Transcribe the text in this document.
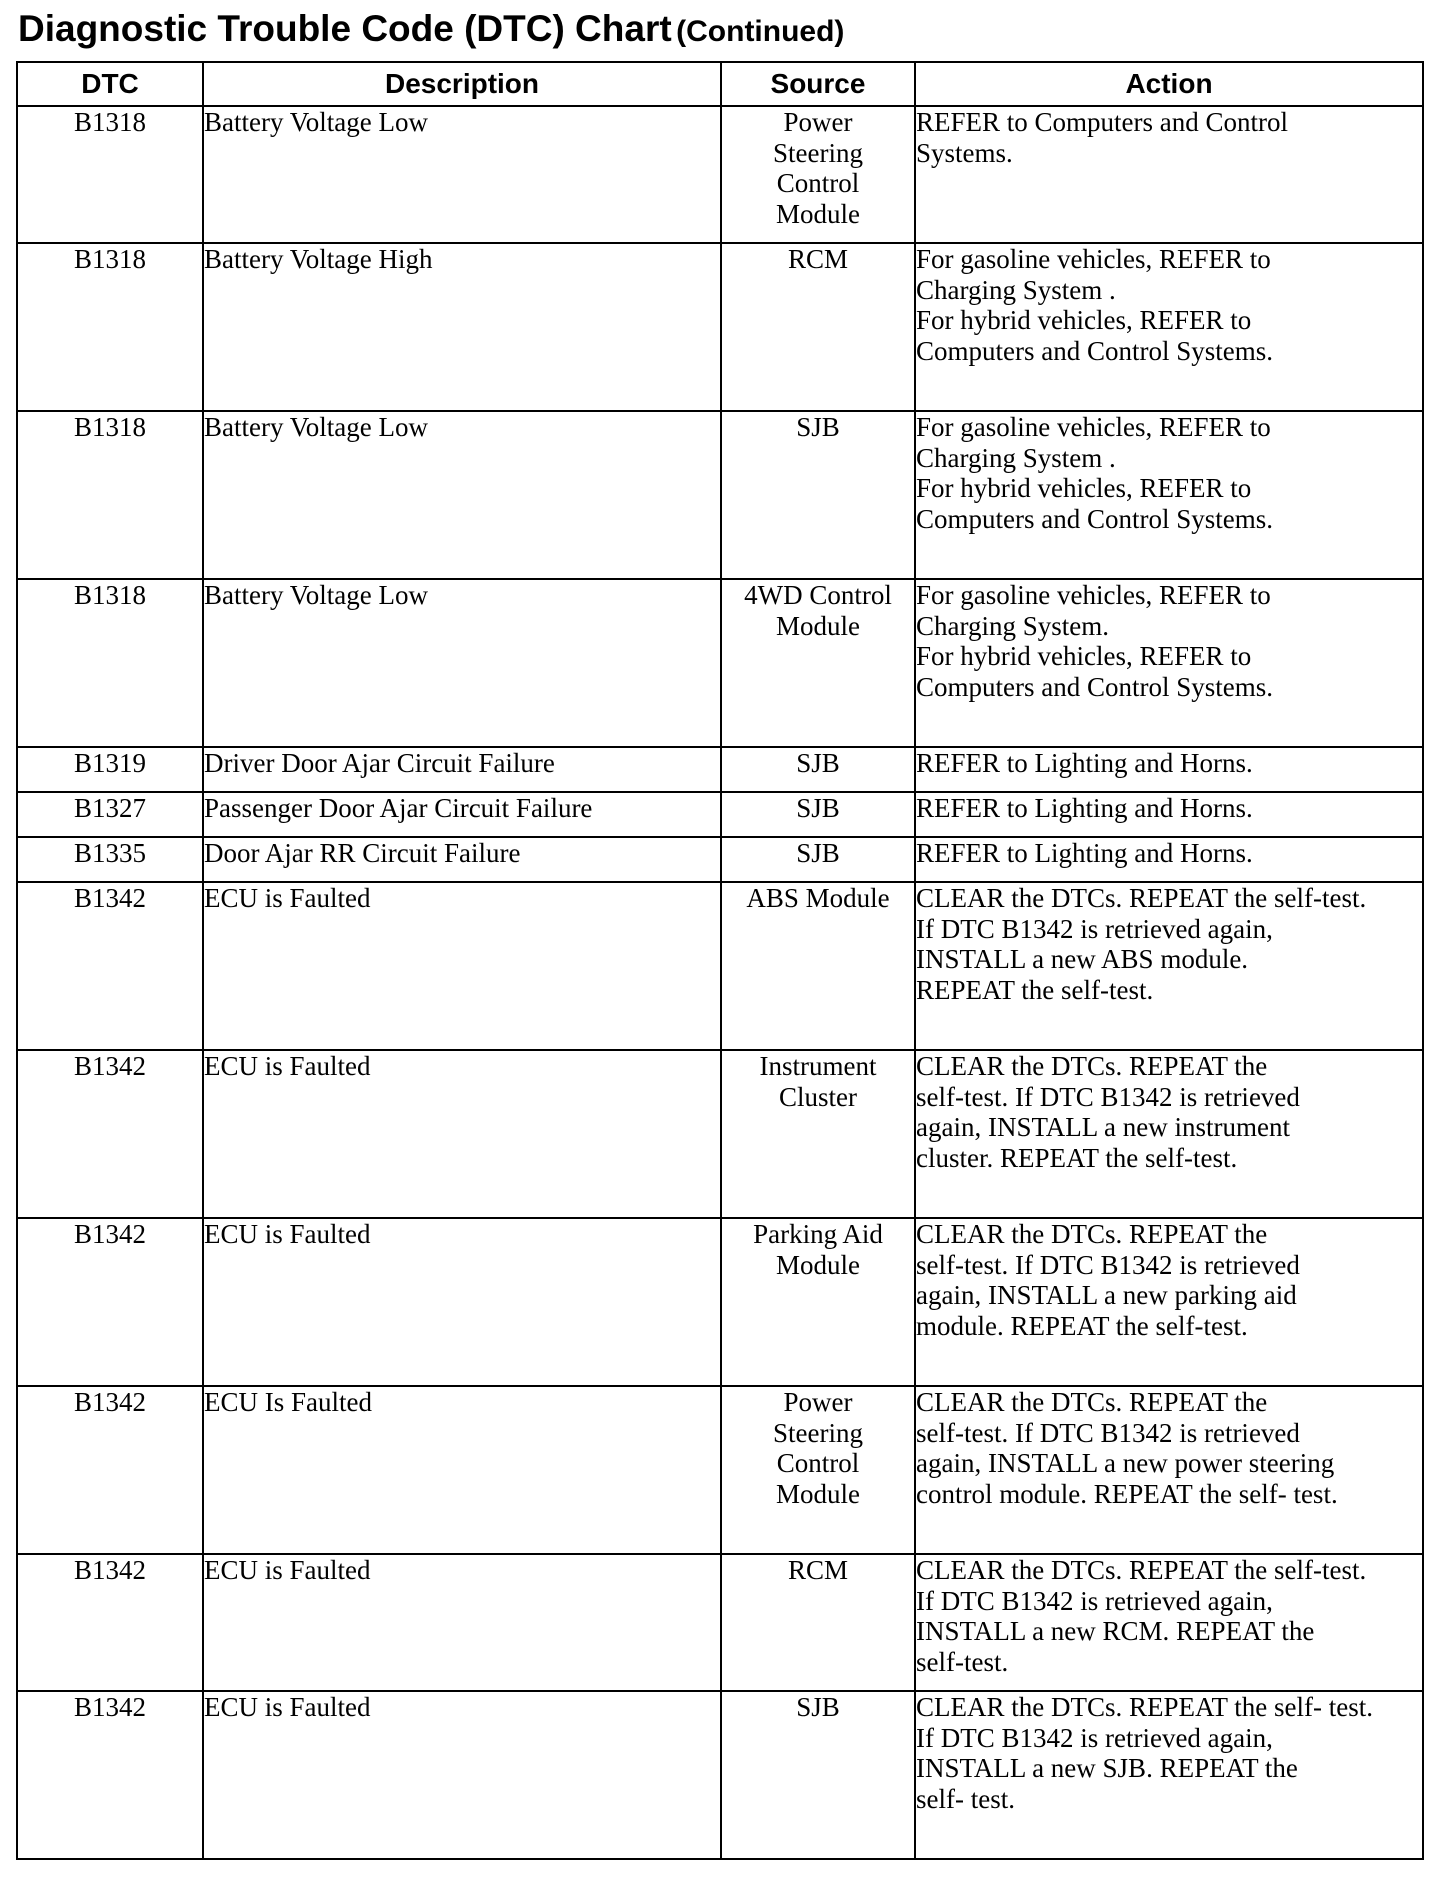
Diagnostic Trouble Code (DTC) Chart (Continued)
DTC	Description	Source	Action
B1318	Battery Voltage Low	Power
Steering
Control
Module	REFER to Computers and Control
Systems.

B1318	Battery Voltage High	RCM	For gasoline vehicles, REFER to
Charging System .
For hybrid vehicles, REFER to
Computers and Control Systems.

B1318	Battery Voltage Low	SJB	For gasoline vehicles, REFER to
Charging System .
For hybrid vehicles, REFER to
Computers and Control Systems.

B1318	Battery Voltage Low	4WD Control
Module	For gasoline vehicles, REFER to
Charging System.
For hybrid vehicles, REFER to
Computers and Control Systems.

B1319	Driver Door Ajar Circuit Failure	SJB	REFER to Lighting and Horns.

B1327	Passenger Door Ajar Circuit Failure	SJB	REFER to Lighting and Horns.

B1335	Door Ajar RR Circuit Failure	SJB	REFER to Lighting and Horns.

B1342	ECU is Faulted	ABS Module	CLEAR the DTCs. REPEAT the self-test.
If DTC B1342 is retrieved again,
INSTALL a new ABS module.
REPEAT the self-test.

B1342	ECU is Faulted	Instrument
Cluster	CLEAR the DTCs. REPEAT the
self-test. If DTC B1342 is retrieved
again, INSTALL a new instrument
cluster. REPEAT the self-test.

B1342	ECU is Faulted	Parking Aid
Module	CLEAR the DTCs. REPEAT the
self-test. If DTC B1342 is retrieved
again, INSTALL a new parking aid
module. REPEAT the self-test.

B1342	ECU Is Faulted	Power
Steering
Control
Module	CLEAR the DTCs. REPEAT the
self-test. If DTC B1342 is retrieved
again, INSTALL a new power steering
control module. REPEAT the self- test.

B1342	ECU is Faulted	RCM	CLEAR the DTCs. REPEAT the self-test.
If DTC B1342 is retrieved again,
INSTALL a new RCM. REPEAT the
self-test.

B1342	ECU is Faulted	SJB	CLEAR the DTCs. REPEAT the self- test.
If DTC B1342 is retrieved again,
INSTALL a new SJB. REPEAT the
self- test.
